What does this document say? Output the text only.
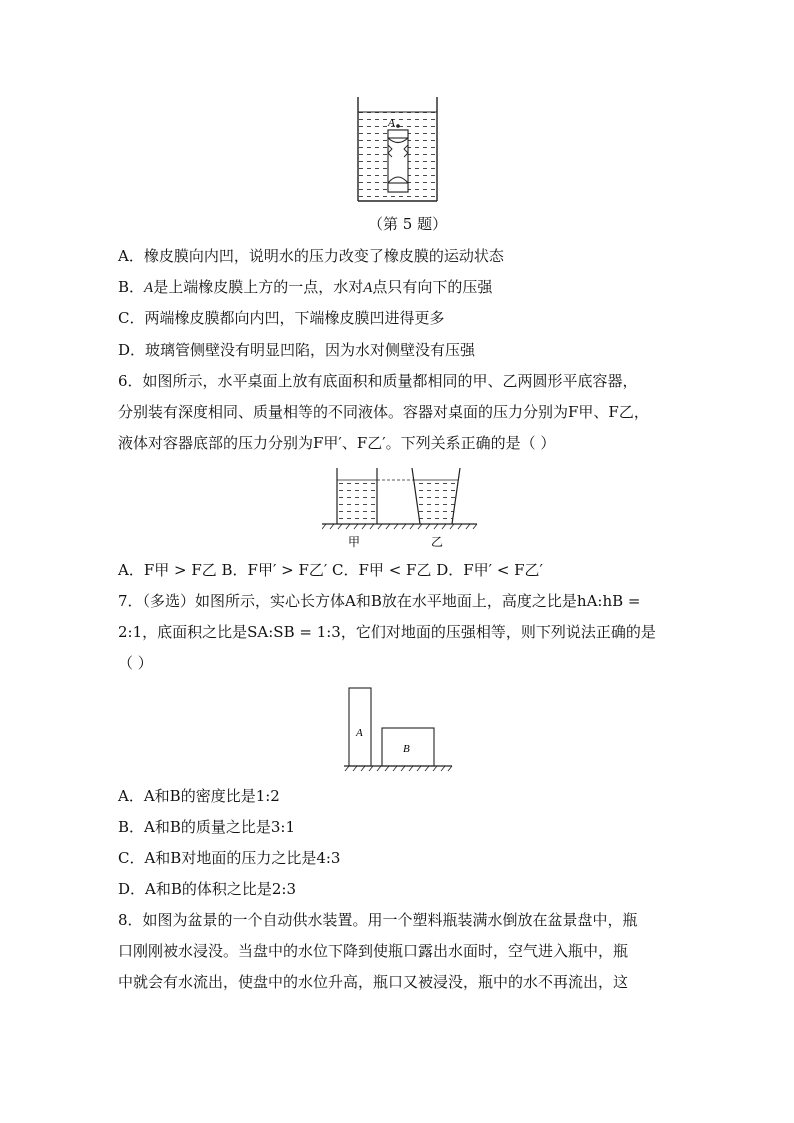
A
（第 5 题）
A．橡皮膜向内凹，说明水的压力改变了橡皮膜的运动状态
B．A是上端橡皮膜上方的一点，水对A点只有向下的压强
C．两端橡皮膜都向内凹，下端橡皮膜凹进得更多
D．玻璃管侧壁没有明显凹陷，因为水对侧壁没有压强
6．如图所示，水平桌面上放有底面积和质量都相同的甲、乙两圆形平底容器，
分别装有深度相同、质量相等的不同液体。容器对桌面的压力分别为F甲、F乙，
液体对容器底部的压力分别为F甲′、F乙′。下列关系正确的是（ ）
甲	乙
A．F甲 > F乙 B．F甲′ > F乙′ C．F甲 < F乙 D．F甲′ < F乙′
7．（多选）如图所示，实心长方体A和B放在水平地面上，高度之比是hA:hB =
2:1，底面积之比是SA:SB = 1:3，它们对地面的压强相等，则下列说法正确的是
（ ）
A
B
A．A和B的密度比是1:2
B．A和B的质量之比是3:1
C．A和B对地面的压力之比是4:3
D．A和B的体积之比是2:3
8．如图为盆景的一个自动供水装置。用一个塑料瓶装满水倒放在盆景盘中，瓶
口刚刚被水浸没。当盘中的水位下降到使瓶口露出水面时，空气进入瓶中，瓶
中就会有水流出，使盘中的水位升高，瓶口又被浸没，瓶中的水不再流出，这
